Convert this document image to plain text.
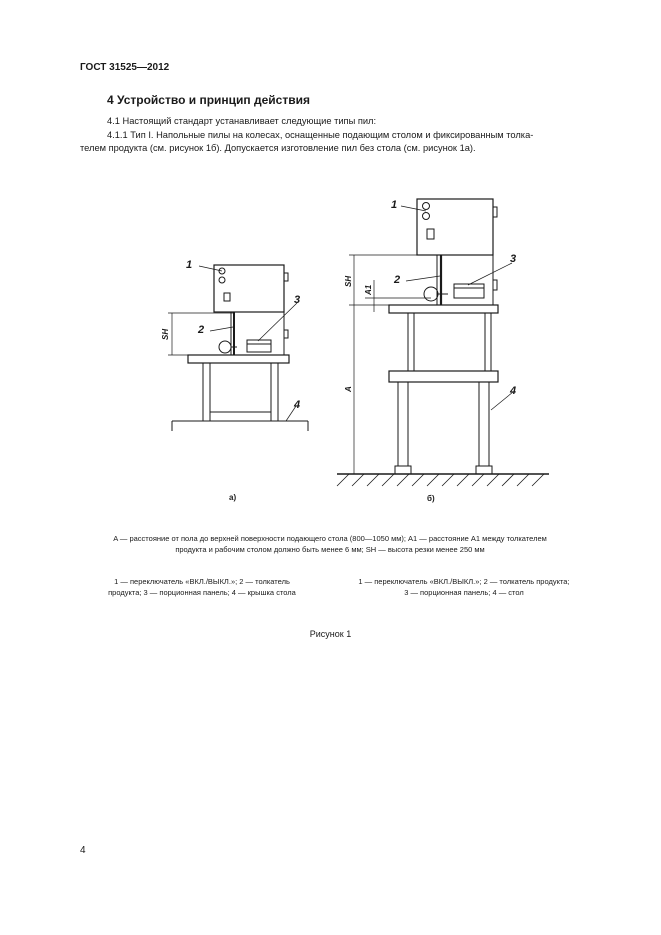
ГОСТ 31525—2012
4 Устройство и принцип действия
4.1 Настоящий стандарт устанавливает следующие типы пил:
4.1.1 Тип I. Напольные пилы на колесах, оснащенные подающим столом и фиксированным толка-
телем продукта (см. рисунок 1б). Допускается изготовление пил без стола (см. рисунок 1а).
1
2
3
4
1
2
3
4
SH
SH
A1
A
а)	б)
A — расстояние от пола до верхней поверхности подающего стола (800—1050 мм); A1 — расстояние A1 между толкателем
продукта и рабочим столом должно быть менее 6 мм; SH — высота резки менее 250 мм
1 — переключатель «ВКЛ./ВЫКЛ.»; 2 — толкатель
продукта; 3 — порционная панель; 4 — крышка стола
1 — переключатель «ВКЛ./ВЫКЛ.»; 2 — толкатель продукта;
3 — порционная панель; 4 — стол
Рисунок 1
4
